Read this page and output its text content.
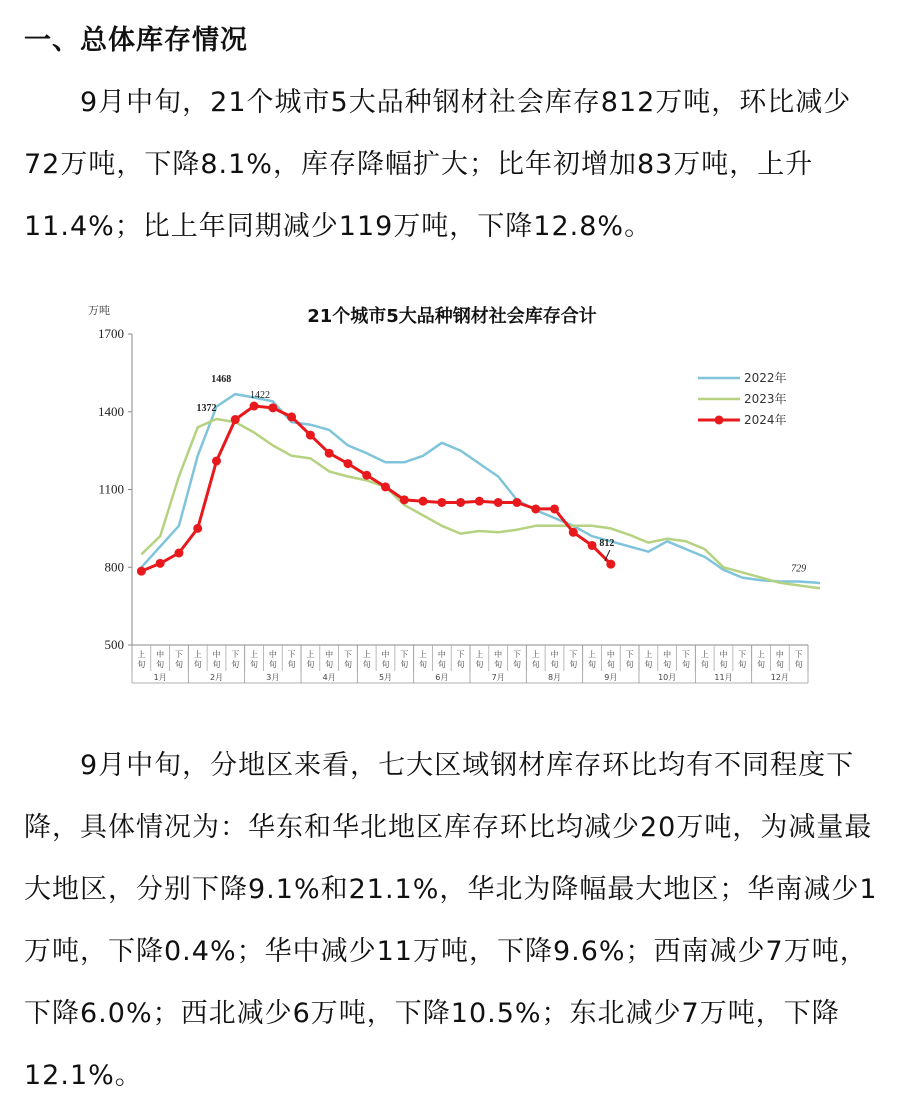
一、总体库存情况

9月中旬，21个城市5大品种钢材社会库存812万吨，环比减少72万吨，下降8.1%，库存降幅扩大；比年初增加83万吨，上升11.4%；比上年同期减少119万吨，下降12.8%。

21个城市5大品种钢材社会库存合计
万吨
500
800
1100
1400
1700
上
旬
中
旬
下
旬
上
旬
中
旬
下
旬
上
旬
中
旬
下
旬
上
旬
中
旬
下
旬
上
旬
中
旬
下
旬
上
旬
中
旬
下
旬
上
旬
中
旬
下
旬
上
旬
中
旬
下
旬
上
旬
中
旬
下
旬
上
旬
中
旬
下
旬
上
旬
中
旬
下
旬
上
旬
中
旬
下
旬
1月	2月	3月	4月	5月	6月	7月	8月	9月	10月	11月	12月
1468
1422
1372
812
729
2022年
2023年
2024年

9月中旬，分地区来看，七大区域钢材库存环比均有不同程度下降，具体情况为：华东和华北地区库存环比均减少20万吨，为减量最大地区，分别下降9.1%和21.1%，华北为降幅最大地区；华南减少1万吨，下降0.4%；华中减少11万吨，下降9.6%；西南减少7万吨，下降6.0%；西北减少6万吨，下降10.5%；东北减少7万吨，下降12.1%。
